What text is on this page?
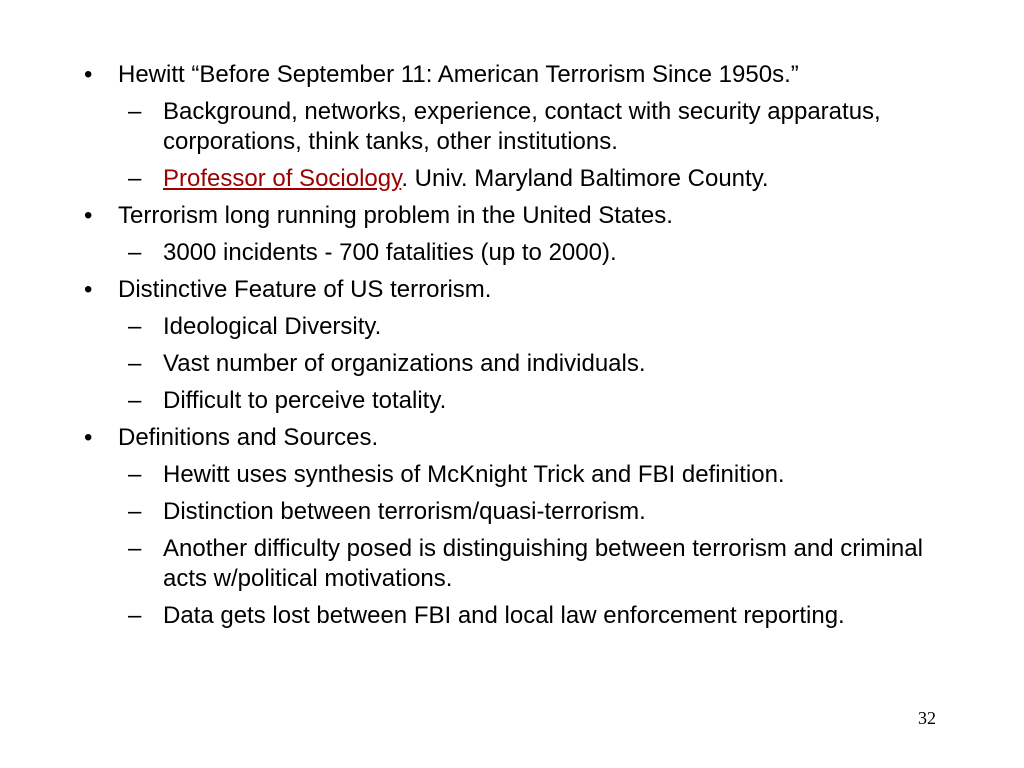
• Hewitt “Before September 11: American Terrorism Since 1950s.”
– Background, networks, experience, contact with security apparatus, corporations, think tanks, other institutions.
– Professor of Sociology. Univ. Maryland Baltimore County.
• Terrorism long running problem in the United States.
– 3000 incidents - 700 fatalities (up to 2000).
• Distinctive Feature of US terrorism.
– Ideological Diversity.
– Vast number of organizations and individuals.
– Difficult to perceive totality.
• Definitions and Sources.
– Hewitt uses synthesis of McKnight Trick and FBI definition.
– Distinction between terrorism/quasi-terrorism.
– Another difficulty posed is distinguishing between terrorism and criminal acts w/political motivations.
– Data gets lost between FBI and local law enforcement reporting.
32
